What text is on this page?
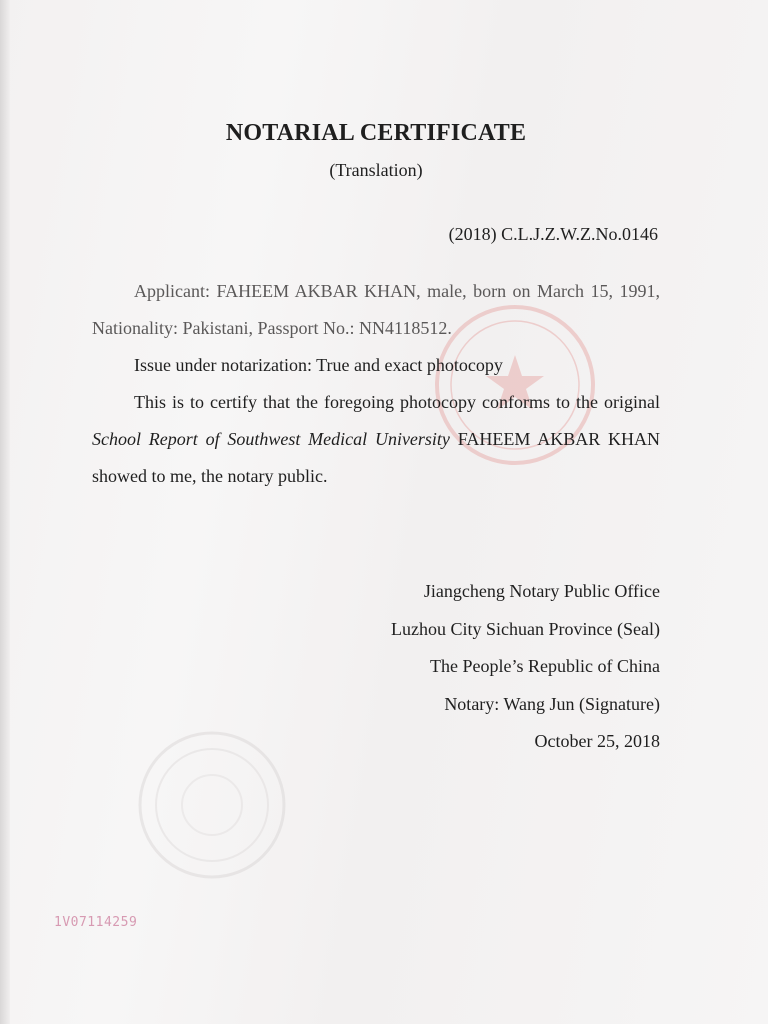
NOTARIAL CERTIFICATE
(Translation)
(2018) C.L.J.Z.W.Z.No.0146

Applicant: FAHEEM AKBAR KHAN, male, born on March 15, 1991, Nationality: Pakistani, Passport No.: NN4118512.

Issue under notarization: True and exact photocopy

This is to certify that the foregoing photocopy conforms to the original School Report of Southwest Medical University FAHEEM AKBAR KHAN showed to me, the notary public.

Jiangcheng Notary Public Office
Luzhou City Sichuan Province (Seal)
The People’s Republic of China
Notary: Wang Jun (Signature)
October 25, 2018
1V07114259
